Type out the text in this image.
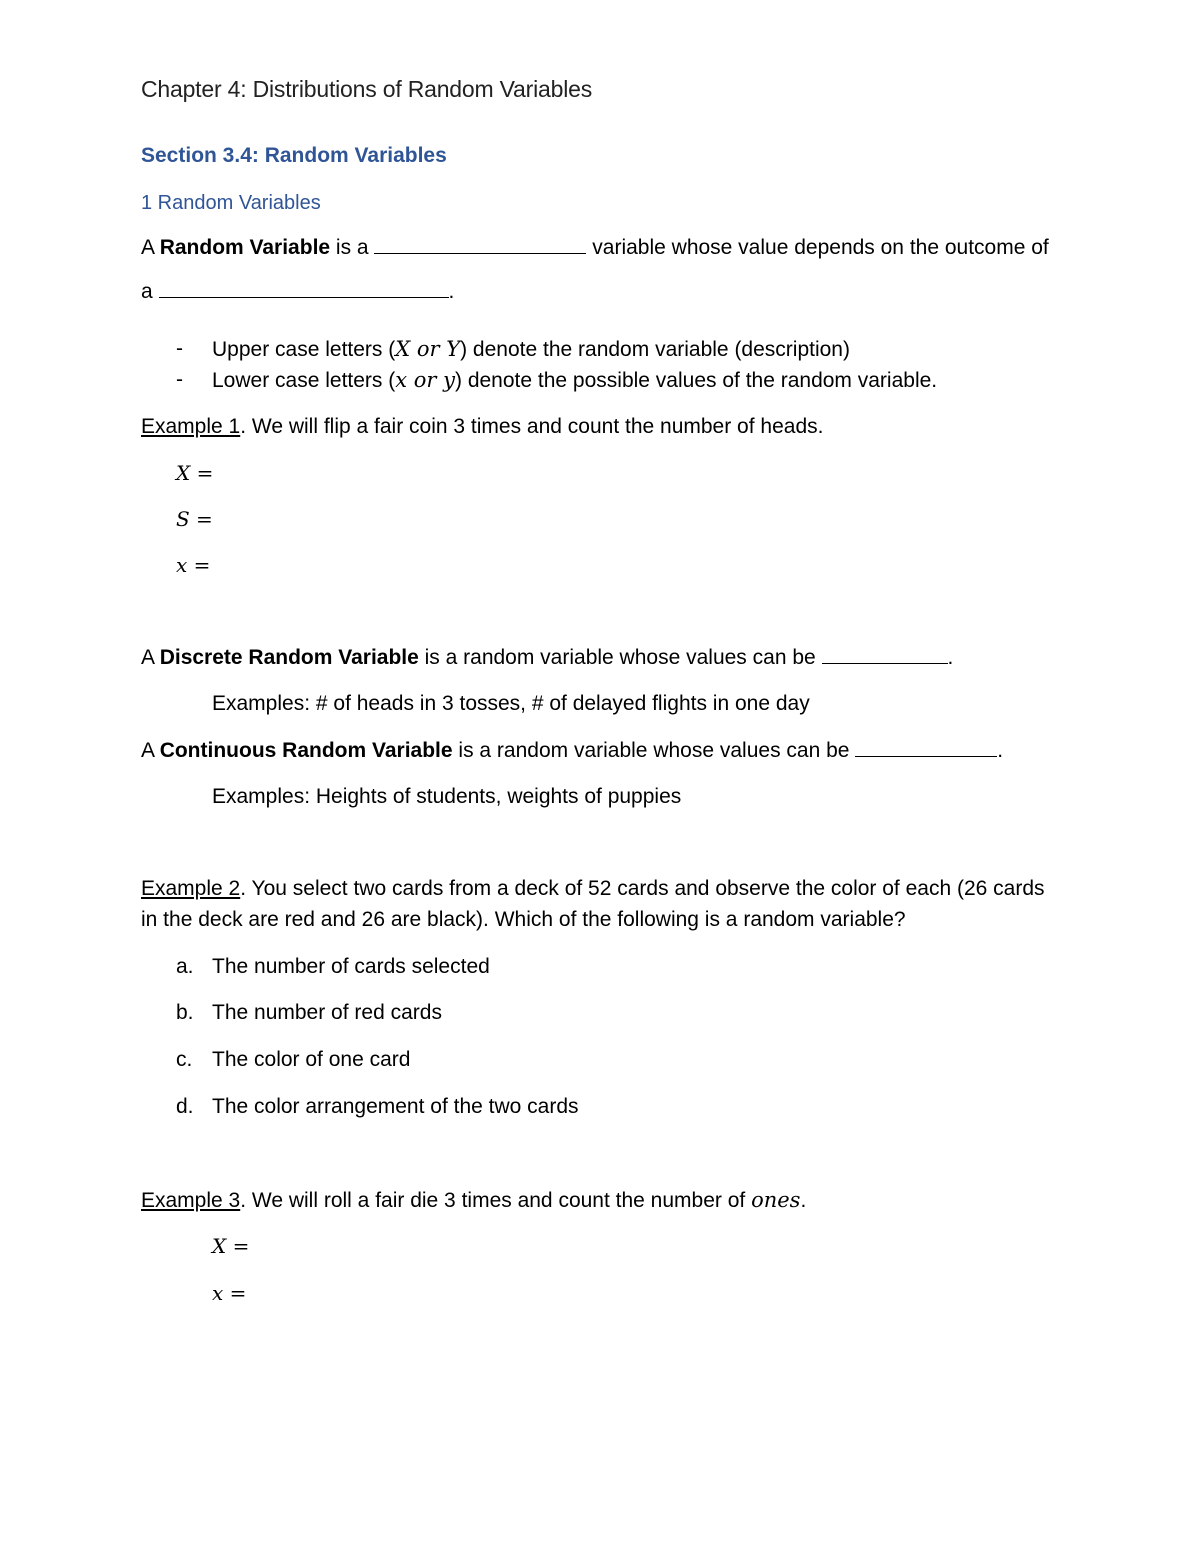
Chapter 4: Distributions of Random Variables
Section 3.4: Random Variables
1 Random Variables
A Random Variable is a	variable whose value depends on the outcome of
a	.
- Upper case letters (X or Y) denote the random variable (description)
- Lower case letters (x or y) denote the possible values of the random variable.
Example 1. We will flip a fair coin 3 times and count the number of heads.
X =
S =
x =
A Discrete Random Variable is a random variable whose values can be	.
Examples: # of heads in 3 tosses, # of delayed flights in one day
A Continuous Random Variable is a random variable whose values can be	.
Examples: Heights of students, weights of puppies
Example 2. You select two cards from a deck of 52 cards and observe the color of each (26 cards
in the deck are red and 26 are black). Which of the following is a random variable?
a. The number of cards selected
b. The number of red cards
c. The color of one card
d. The color arrangement of the two cards
Example 3. We will roll a fair die 3 times and count the number of ones.
X =
x =
